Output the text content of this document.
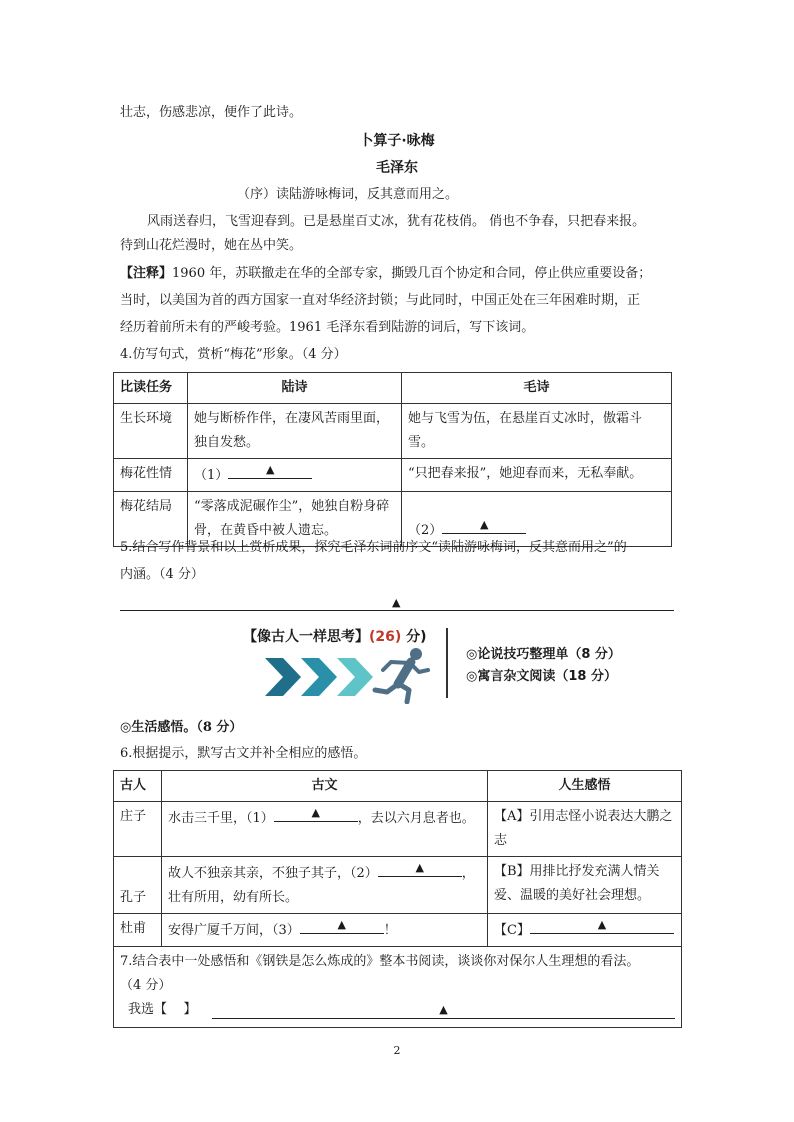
壮志，伤感悲凉，便作了此诗。
卜算子·咏梅
毛泽东
（序）读陆游咏梅词，反其意而用之。
风雨送春归，飞雪迎春到。已是悬崖百丈冰，犹有花枝俏。 俏也不争春，只把春来报。
待到山花烂漫时，她在丛中笑。
【注释】1960 年，苏联撤走在华的全部专家，撕毁几百个协定和合同，停止供应重要设备；
当时，以美国为首的西方国家一直对华经济封锁；与此同时，中国正处在三年困难时期，正
经历着前所未有的严峻考验。1961 毛泽东看到陆游的词后，写下该词。
4.仿写句式，赏析“梅花”形象。（4 分）
比读任务	陆诗	毛诗
生长环境	她与断桥作伴，在凄风苦雨里面，独自发愁。	她与飞雪为伍，在悬崖百丈冰时，傲霜斗雪。
梅花性情	（1） ▲	“只把春来报”，她迎春而来，无私奉献。
梅花结局	“零落成泥碾作尘”，她独自粉身碎骨，在黄昏中被人遗忘。	（2） ▲
5.结合写作背景和以上赏析成果，探究毛泽东词前序文“读陆游咏梅词，反其意而用之”的
内涵。（4 分）
▲
【像古人一样思考】(26) 分)
◎论说技巧整理单（8 分）
◎寓言杂文阅读（18 分）
◎生活感悟。（8 分）
6.根据提示，默写古文并补全相应的感悟。
古人	古文	人生感悟
庄子	水击三千里，（1） ▲ ，去以六月息者也。	【A】引用志怪小说表达大鹏之志
孔子	故人不独亲其亲，不独子其子，（2） ▲ ，壮有所用，幼有所长。	【B】用排比抒发充满人情关爱、温暖的美好社会理想。
杜甫	安得广厦千万间，（3） ▲ ！	【C】 ▲

7.结合表中一处感悟和《钢铁是怎么炼成的》整本书阅读，谈谈你对保尔人生理想的看法。
（4 分）
我选【    】 ▲		
2
